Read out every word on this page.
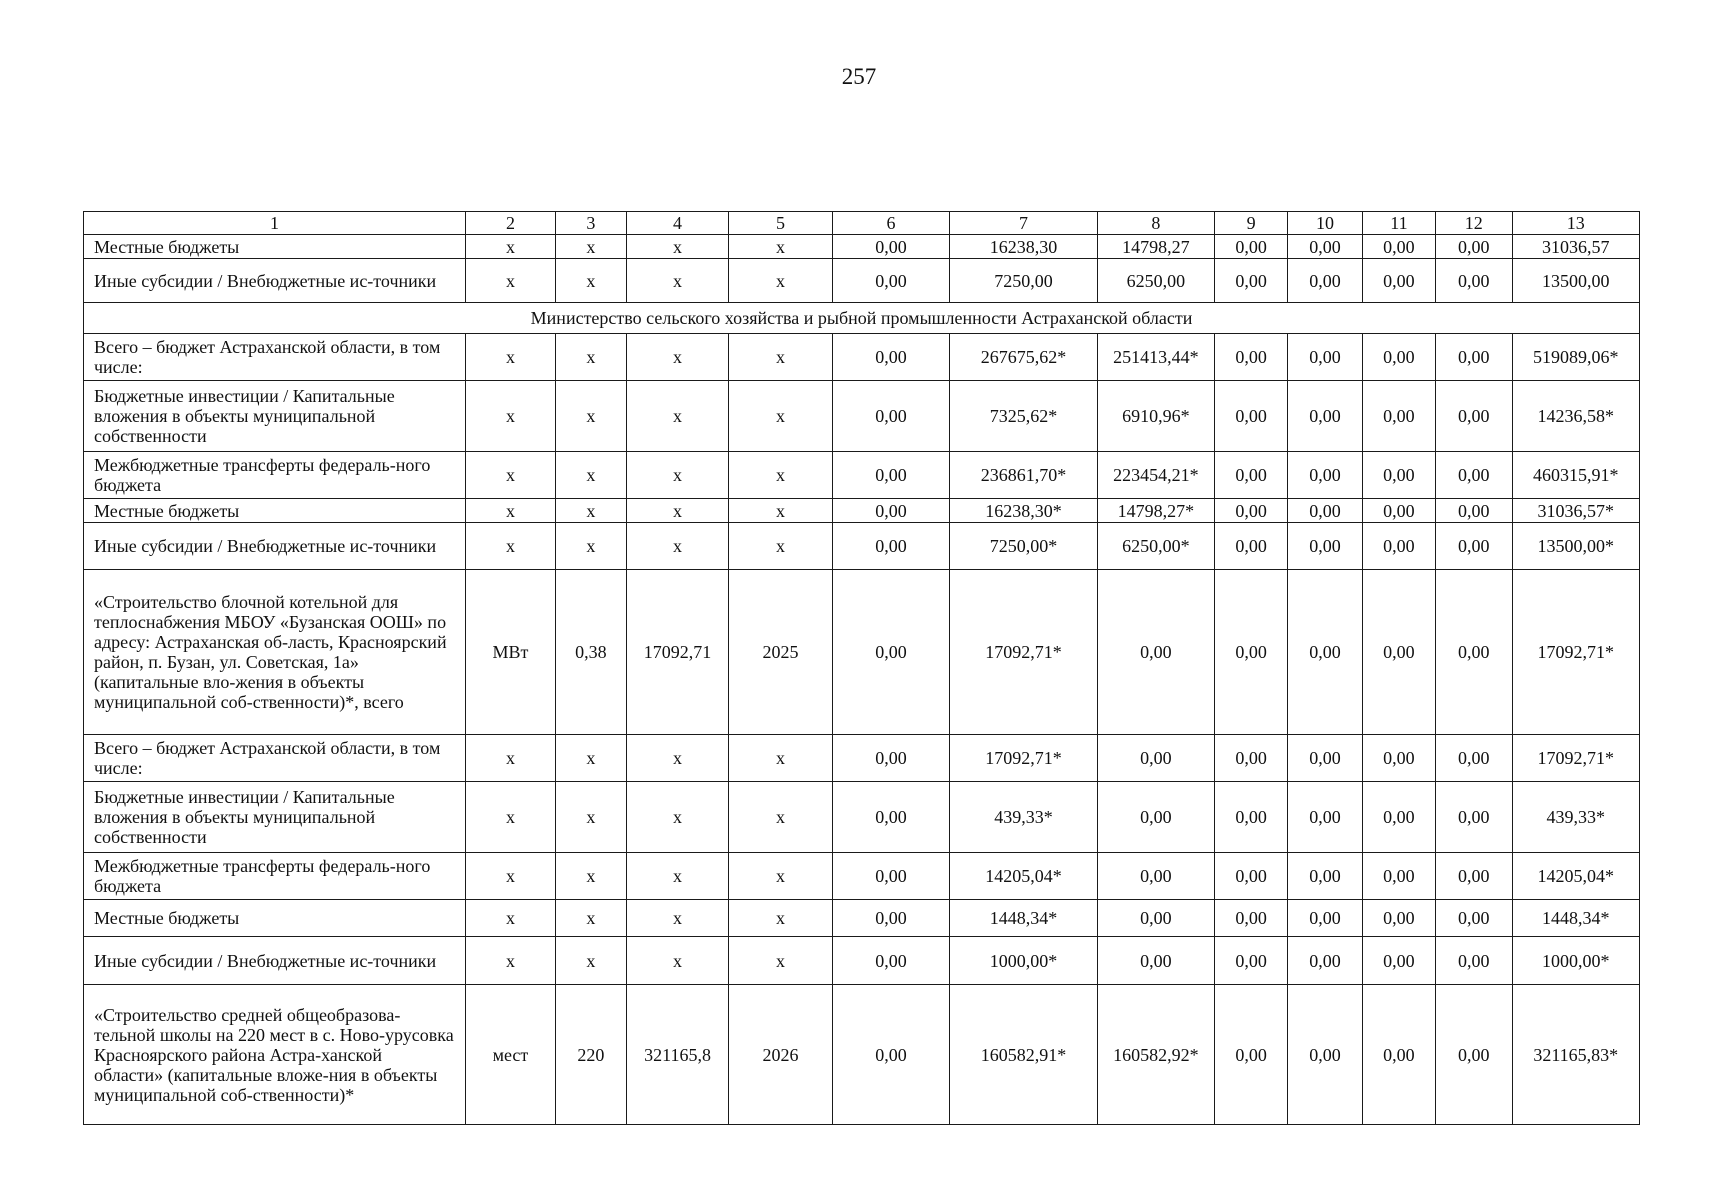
257
1	2	3	4	5	6	7	8	9	10	11	12	13
Местные бюджеты	х	х	х	х	0,00	16238,30	14798,27	0,00	0,00	0,00	0,00	31036,57
Иные субсидии / Внебюджетные ис-точники	х	х	х	х	0,00	7250,00	6250,00	0,00	0,00	0,00	0,00	13500,00
Министерство сельского хозяйства и рыбной промышленности Астраханской области												
Всего – бюджет Астраханской области, в том числе:	х	х	х	х	0,00	267675,62*	251413,44*	0,00	0,00	0,00	0,00	519089,06*
Бюджетные инвестиции / Капитальные вложения в объекты муниципальной собственности	х	х	х	х	0,00	7325,62*	6910,96*	0,00	0,00	0,00	0,00	14236,58*
Межбюджетные трансферты федераль-ного бюджета	х	х	х	х	0,00	236861,70*	223454,21*	0,00	0,00	0,00	0,00	460315,91*
Местные бюджеты	х	х	х	х	0,00	16238,30*	14798,27*	0,00	0,00	0,00	0,00	31036,57*
Иные субсидии / Внебюджетные ис-точники	х	х	х	х	0,00	7250,00*	6250,00*	0,00	0,00	0,00	0,00	13500,00*
«Строительство блочной котельной для теплоснабжения МБОУ «Бузанская ООШ» по адресу: Астраханская об-ласть, Красноярский район, п. Бузан, ул. Советская, 1а» (капитальные вло-жения в объекты муниципальной соб-ственности)*, всего	МВт	0,38	17092,71	2025	0,00	17092,71*	0,00	0,00	0,00	0,00	0,00	17092,71*
Всего – бюджет Астраханской области, в том числе:	х	х	х	х	0,00	17092,71*	0,00	0,00	0,00	0,00	0,00	17092,71*
Бюджетные инвестиции / Капитальные вложения в объекты муниципальной собственности	х	х	х	х	0,00	439,33*	0,00	0,00	0,00	0,00	0,00	439,33*
Межбюджетные трансферты федераль-ного бюджета	х	х	х	х	0,00	14205,04*	0,00	0,00	0,00	0,00	0,00	14205,04*
Местные бюджеты	х	х	х	х	0,00	1448,34*	0,00	0,00	0,00	0,00	0,00	1448,34*
Иные субсидии / Внебюджетные ис-точники	х	х	х	х	0,00	1000,00*	0,00	0,00	0,00	0,00	0,00	1000,00*
«Строительство средней общеобразова-тельной школы на 220 мест в с. Ново-урусовка Красноярского района Астра-ханской области» (капитальные вложе-ния в объекты муниципальной соб-ственности)*	мест	220	321165,8	2026	0,00	160582,91*	160582,92*	0,00	0,00	0,00	0,00	321165,83*
